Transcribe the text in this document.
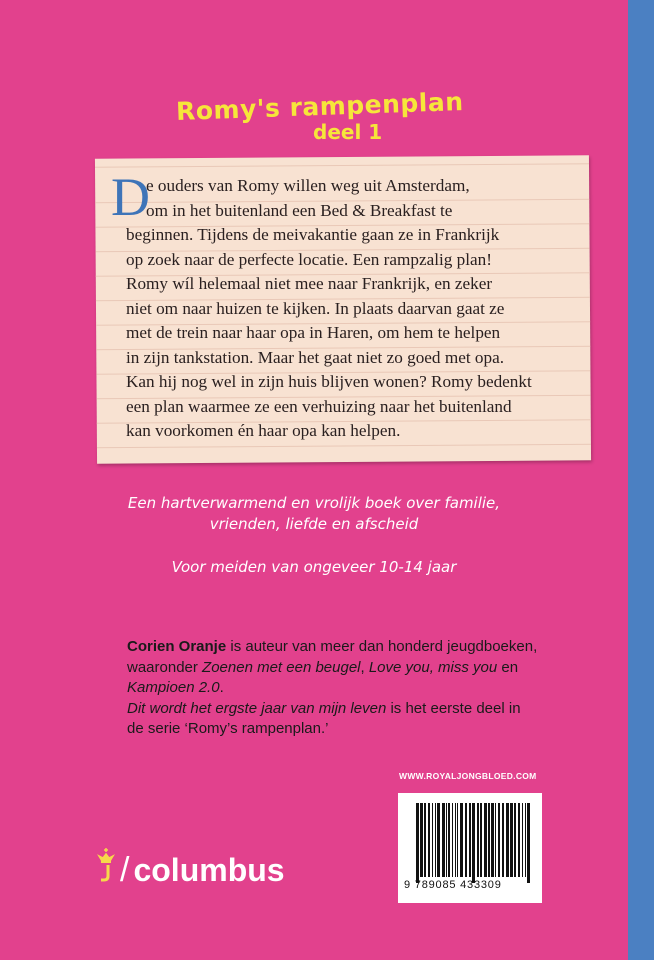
Romy's rampenplan
deel 1
D
e ouders van Romy willen weg uit Amsterdam,
om in het buitenland een Bed & Breakfast te
beginnen. Tijdens de meivakantie gaan ze in Frankrijk
op zoek naar de perfecte locatie. Een rampzalig plan!
Romy wíl helemaal niet mee naar Frankrijk, en zeker
niet om naar huizen te kijken. In plaats daarvan gaat ze
met de trein naar haar opa in Haren, om hem te helpen
in zijn tankstation. Maar het gaat niet zo goed met opa.
Kan hij nog wel in zijn huis blijven wonen? Romy bedenkt
een plan waarmee ze een verhuizing naar het buitenland
kan voorkomen én haar opa kan helpen.
Een hartverwarmend en vrolijk boek over familie,
vrienden, liefde en afscheid
Voor meiden van ongeveer 10-14 jaar
Corien Oranje is auteur van meer dan honderd jeugdboeken,
waaronder Zoenen met een beugel, Love you, miss you en
Kampioen 2.0.
Dit wordt het ergste jaar van mijn leven is het eerste deel in
de serie ‘Romy’s rampenplan.’
WWW.ROYALJONGBLOED.COM
9 789085 433309
/ columbus
